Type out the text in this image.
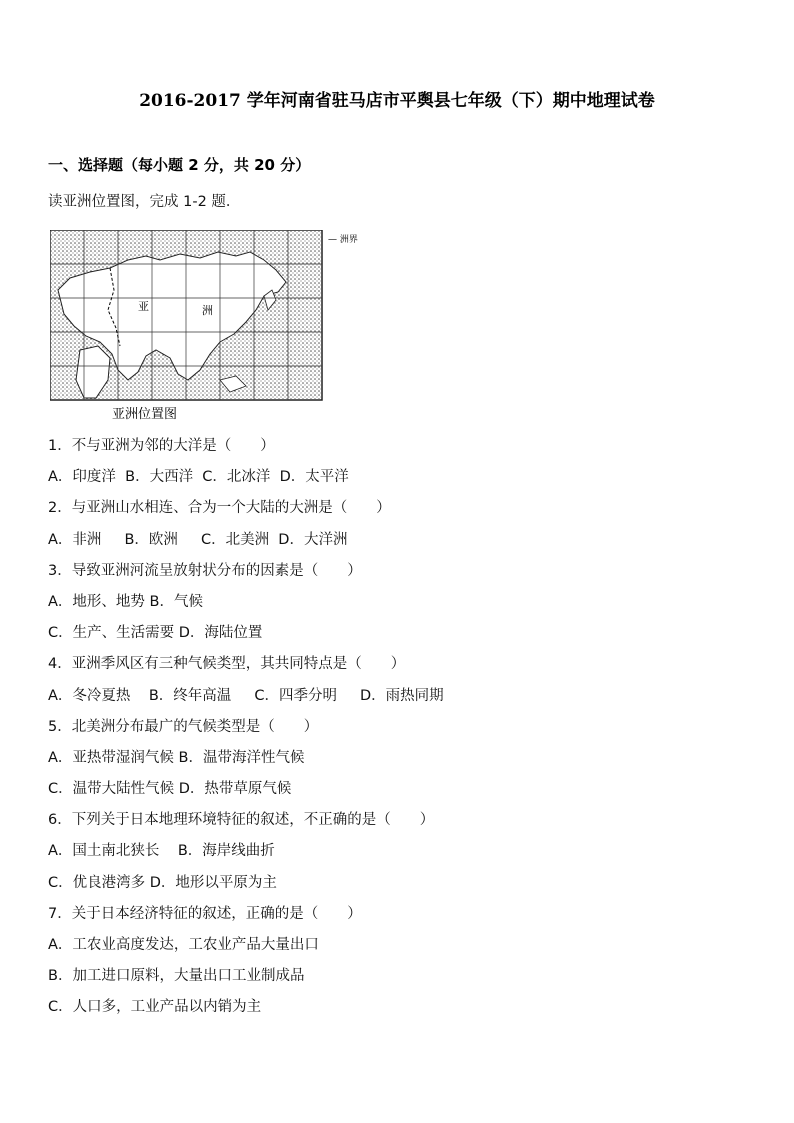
2016-2017 学年河南省驻马店市平舆县七年级（下）期中地理试卷
一、选择题（每小题 2 分，共 20 分）
读亚洲位置图，完成 1-2 题．
亚	洲
— 洲界
亚洲位置图
1．不与亚洲为邻的大洋是（　　）
A．印度洋  B．大西洋  C．北冰洋  D．太平洋
2．与亚洲山水相连、合为一个大陆的大洲是（　　）
A．非洲     B．欧洲     C．北美洲  D．大洋洲
3．导致亚洲河流呈放射状分布的因素是（　　）
A．地形、地势 B．气候
C．生产、生活需要 D．海陆位置
4．亚洲季风区有三种气候类型，其共同特点是（　　）
A．冬冷夏热    B．终年高温     C．四季分明     D．雨热同期
5．北美洲分布最广的气候类型是（　　）
A．亚热带湿润气候 B．温带海洋性气候
C．温带大陆性气候 D．热带草原气候
6．下列关于日本地理环境特征的叙述，不正确的是（　　）
A．国土南北狭长    B．海岸线曲折
C．优良港湾多 D．地形以平原为主
7．关于日本经济特征的叙述，正确的是（　　）
A．工农业高度发达，工农业产品大量出口
B．加工进口原料，大量出口工业制成品
C．人口多，工业产品以内销为主
